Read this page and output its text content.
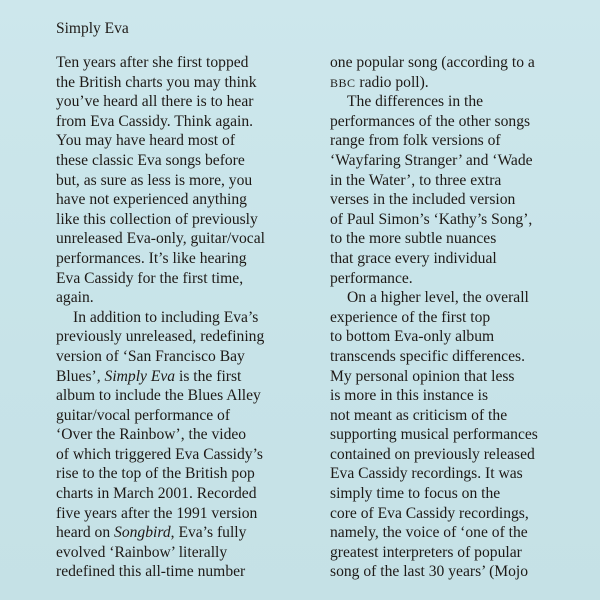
Simply Eva
Ten years after she first topped
the British charts you may think
you’ve heard all there is to hear
from Eva Cassidy. Think again.
You may have heard most of
these classic Eva songs before
but, as sure as less is more, you
have not experienced anything
like this collection of previously
unreleased Eva-only, guitar/vocal
performances. It’s like hearing
Eva Cassidy for the first time,
again.
In addition to including Eva’s
previously unreleased, redefining
version of ‘San Francisco Bay
Blues’, Simply Eva is the first
album to include the Blues Alley
guitar/vocal performance of
‘Over the Rainbow’, the video
of which triggered Eva Cassidy’s
rise to the top of the British pop
charts in March 2001. Recorded
five years after the 1991 version
heard on Songbird, Eva’s fully
evolved ‘Rainbow’ literally
redefined this all-time number
one popular song (according to a
BBC radio poll).
The differences in the
performances of the other songs
range from folk versions of
‘Wayfaring Stranger’ and ‘Wade
in the Water’, to three extra
verses in the included version
of Paul Simon’s ‘Kathy’s Song’,
to the more subtle nuances
that grace every individual
performance.
On a higher level, the overall
experience of the first top
to bottom Eva-only album
transcends specific differences.
My personal opinion that less
is more in this instance is
not meant as criticism of the
supporting musical performances
contained on previously released
Eva Cassidy recordings. It was
simply time to focus on the
core of Eva Cassidy recordings,
namely, the voice of ‘one of the
greatest interpreters of popular
song of the last 30 years’ (Mojo
